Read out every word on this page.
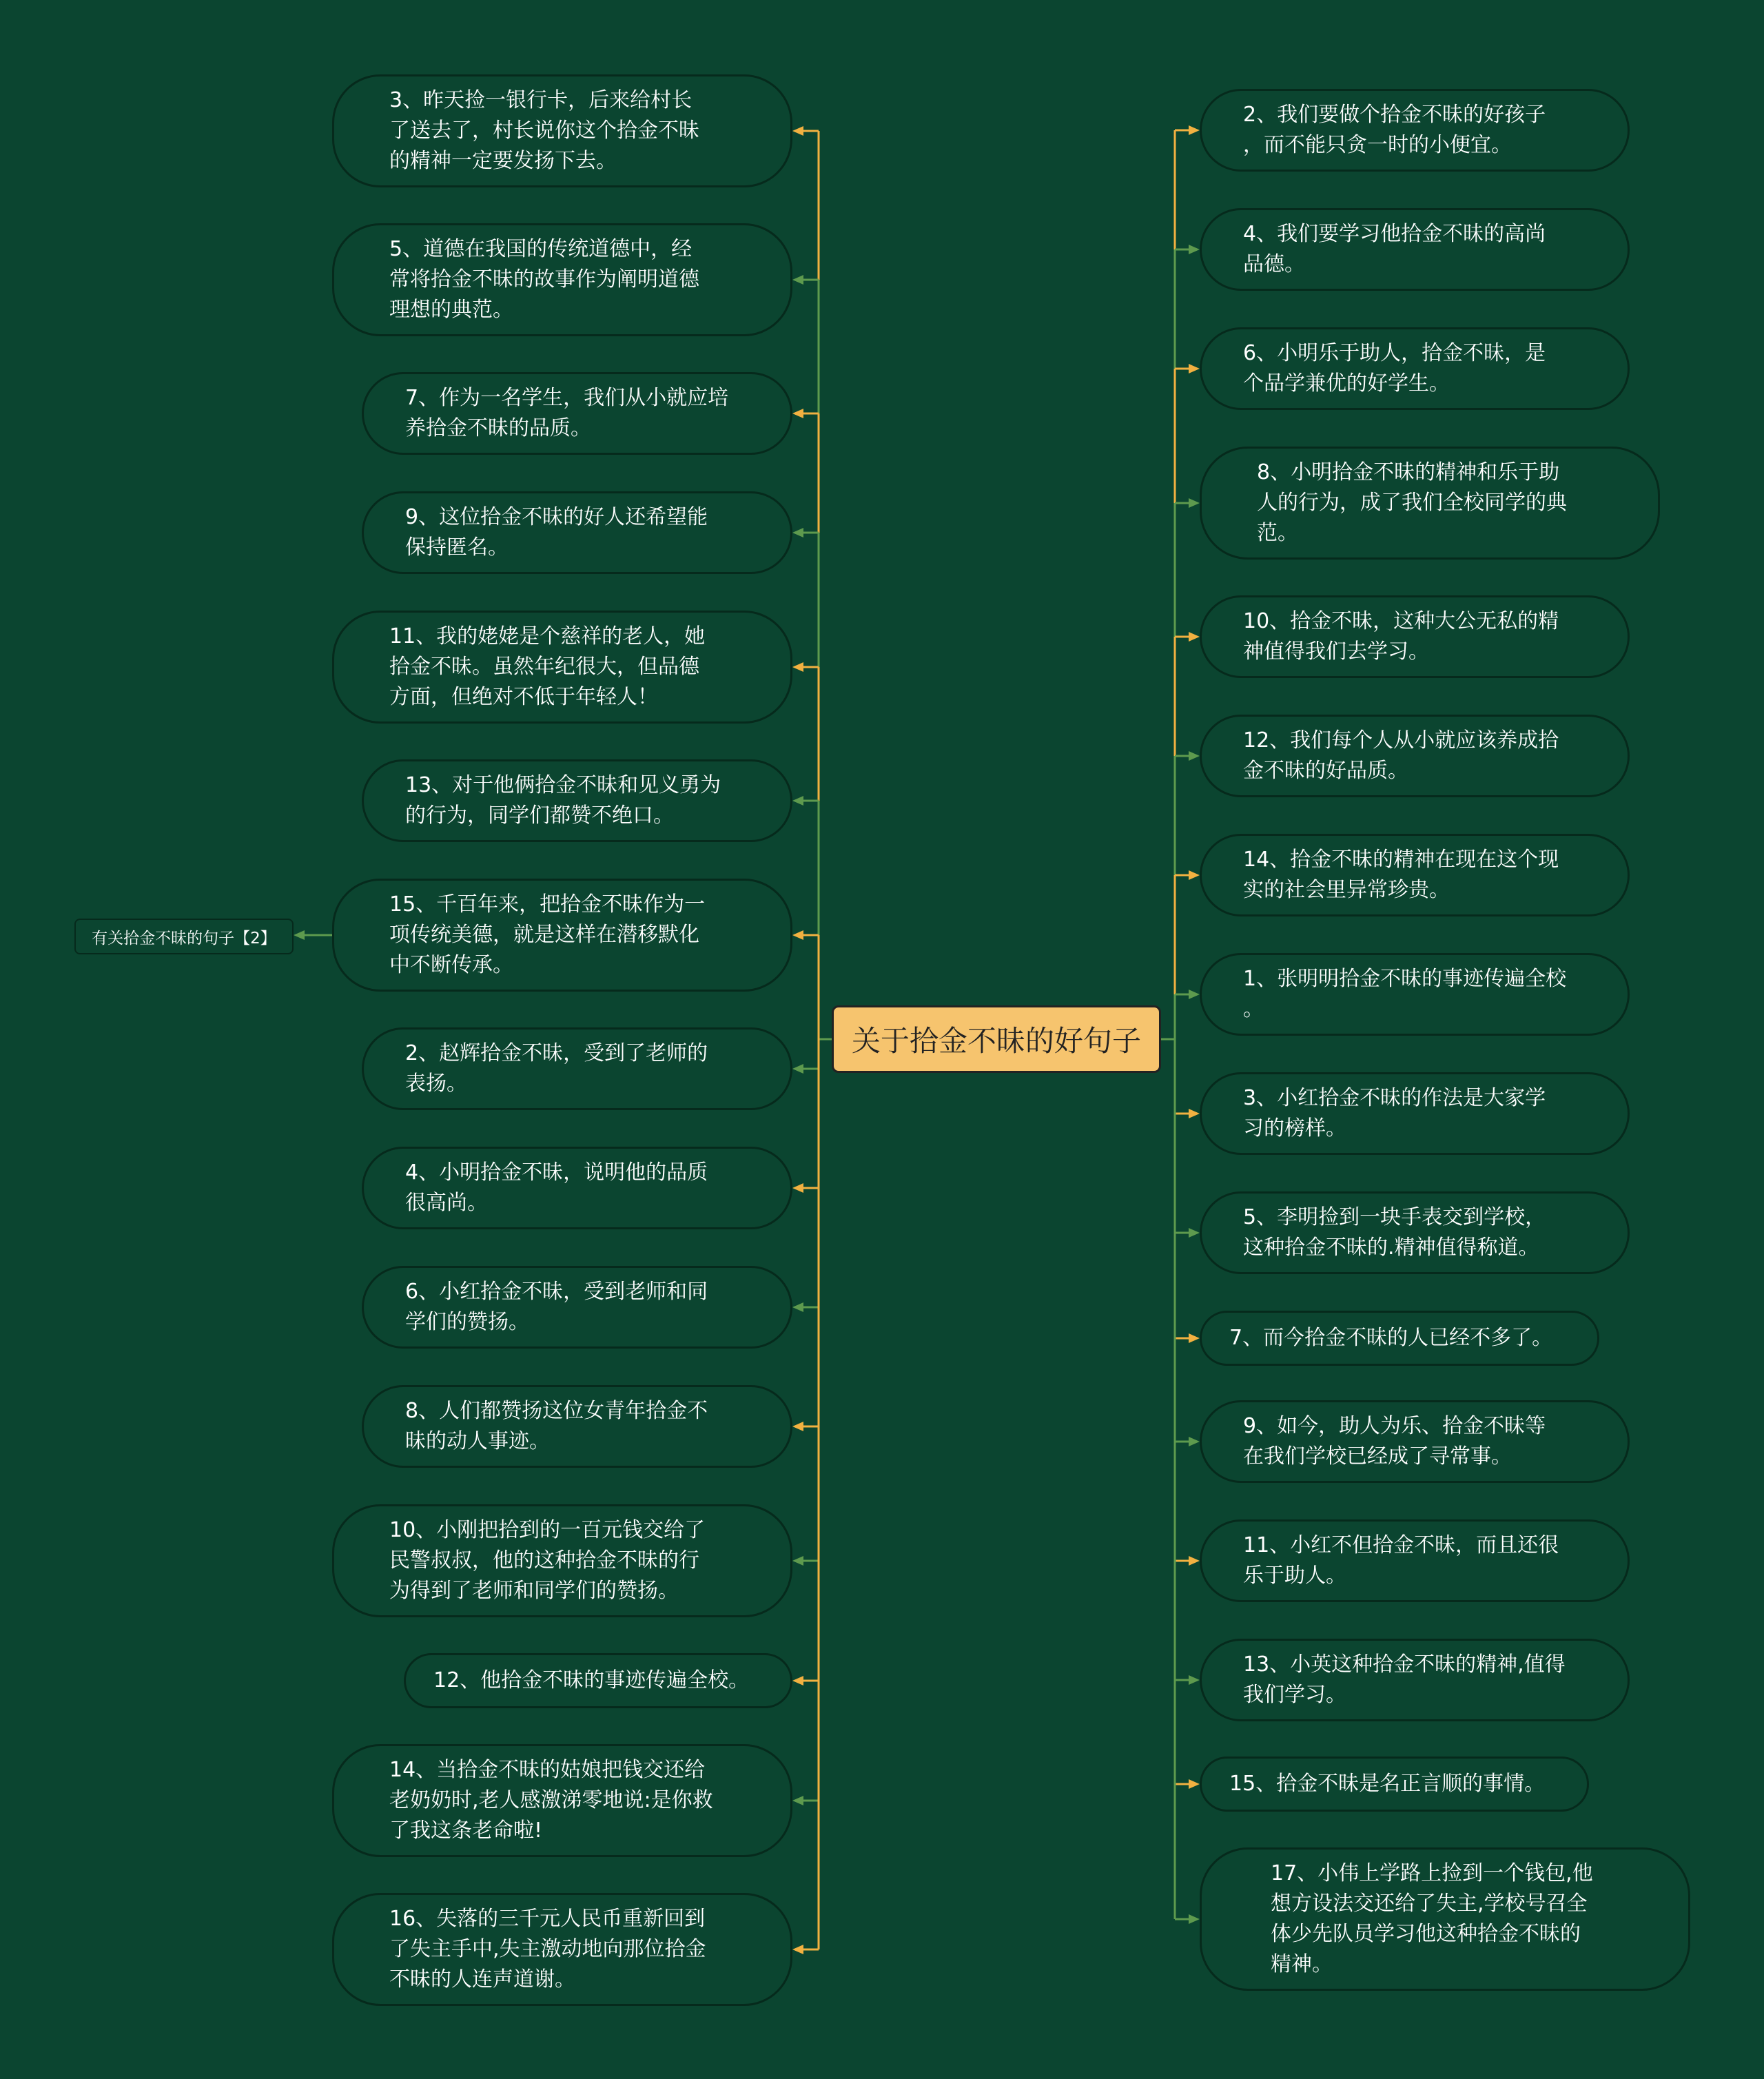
关于拾金不昧的好句子
有关拾金不昧的句子【2】
3、昨天捡一银行卡，后来给村长
了送去了，村长说你这个拾金不昧
的精神一定要发扬下去。
5、道德在我国的传统道德中，经
常将拾金不昧的故事作为阐明道德
理想的典范。
7、作为一名学生，我们从小就应培
养拾金不昧的品质。
9、这位拾金不昧的好人还希望能
保持匿名。
11、我的姥姥是个慈祥的老人，她
拾金不昧。虽然年纪很大，但品德
方面，但绝对不低于年轻人！
13、对于他俩拾金不昧和见义勇为
的行为，同学们都赞不绝口。
15、千百年来，把拾金不昧作为一
项传统美德，就是这样在潜移默化
中不断传承。
2、赵辉拾金不昧，受到了老师的
表扬。
4、小明拾金不昧，说明他的品质
很高尚。
6、小红拾金不昧，受到老师和同
学们的赞扬。
8、人们都赞扬这位女青年拾金不
昧的动人事迹。
10、小刚把拾到的一百元钱交给了
民警叔叔，他的这种拾金不昧的行
为得到了老师和同学们的赞扬。
12、他拾金不昧的事迹传遍全校。
14、当拾金不昧的姑娘把钱交还给
老奶奶时,老人感激涕零地说:是你救
了我这条老命啦!
16、失落的三千元人民币重新回到
了失主手中,失主激动地向那位拾金
不昧的人连声道谢。
2、我们要做个拾金不昧的好孩子
，而不能只贪一时的小便宜。
4、我们要学习他拾金不昧的高尚
品德。
6、小明乐于助人，拾金不昧，是
个品学兼优的好学生。
8、小明拾金不昧的精神和乐于助
人的行为，成了我们全校同学的典
范。
10、拾金不昧，这种大公无私的精
神值得我们去学习。
12、我们每个人从小就应该养成拾
金不昧的好品质。
14、拾金不昧的精神在现在这个现
实的社会里异常珍贵。
1、张明明拾金不昧的事迹传遍全校
。
3、小红拾金不昧的作法是大家学
习的榜样。
5、李明捡到一块手表交到学校，
这种拾金不昧的.精神值得称道。
7、而今拾金不昧的人已经不多了。
9、如今，助人为乐、拾金不昧等
在我们学校已经成了寻常事。
11、小红不但拾金不昧，而且还很
乐于助人。
13、小英这种拾金不昧的精神,值得
我们学习。
15、拾金不昧是名正言顺的事情。
17、小伟上学路上捡到一个钱包,他
想方设法交还给了失主,学校号召全
体少先队员学习他这种拾金不昧的
精神。
